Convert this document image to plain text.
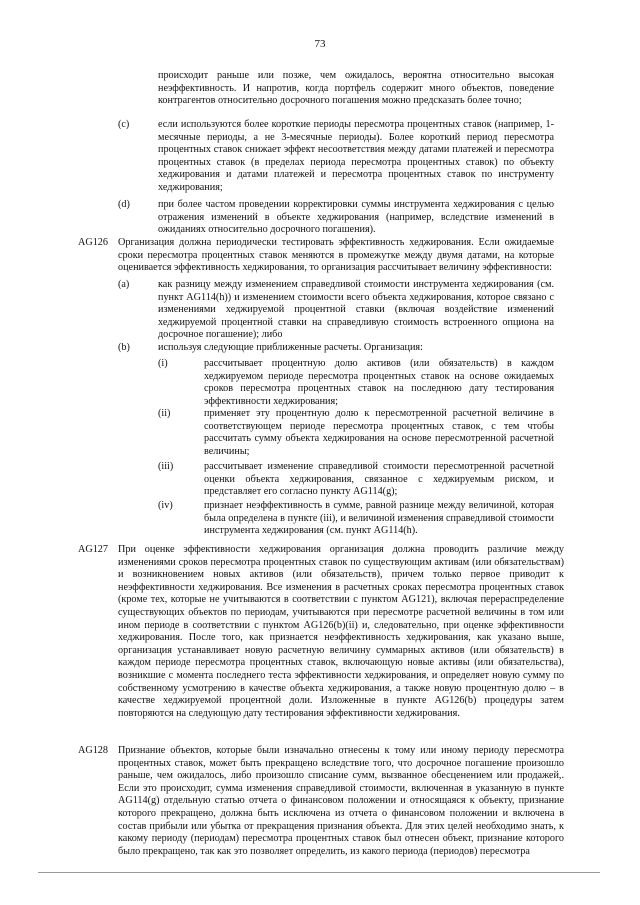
73

происходит раньше или позже, чем ожидалось, вероятна относительно высокая неэффективность. И напротив, когда портфель содержит много объектов, поведение контрагентов относительно досрочного погашения можно предсказать более точно;

(c)	если используются более короткие периоды пересмотра процентных ставок (например, 1-месячные периоды, а не 3-месячные периоды). Более короткий период пересмотра процентных ставок снижает эффект несоответствия между датами платежей и пересмотра процентных ставок (в пределах периода пересмотра процентных ставок) по объекту хеджирования и датами платежей и пересмотра процентных ставок по инструменту хеджирования;

(d)	при более частом проведении корректировки суммы инструмента хеджирования с целью отражения изменений в объекте хеджирования (например, вследствие изменений в ожиданиях относительно досрочного погашения).

AG126 Организация должна периодически тестировать эффективность хеджирования. Если ожидаемые сроки пересмотра процентных ставок меняются в промежутке между двумя датами, на которые оценивается эффективность хеджирования, то организация рассчитывает величину эффективности:

(a)	как разницу между изменением справедливой стоимости инструмента хеджирования (см. пункт AG114(h)) и изменением стоимости всего объекта хеджирования, которое связано с изменениями хеджируемой процентной ставки (включая воздействие изменений хеджируемой процентной ставки на справедливую стоимость встроенного опциона на досрочное погашение); либо

(b)	используя следующие приближенные расчеты. Организация:

(i)	рассчитывает процентную долю активов (или обязательств) в каждом хеджируемом периоде пересмотра процентных ставок на основе ожидаемых сроков пересмотра процентных ставок на последнюю дату тестирования эффективности хеджирования;

(ii)	применяет эту процентную долю к пересмотренной расчетной величине в соответствующем периоде пересмотра процентных ставок, с тем чтобы рассчитать сумму объекта хеджирования на основе пересмотренной расчетной величины;

(iii)	рассчитывает изменение справедливой стоимости пересмотренной расчетной оценки объекта хеджирования, связанное с хеджируемым риском, и представляет его согласно пункту AG114(g);

(iv)	признает неэффективность в сумме, равной разнице между величиной, которая была определена в пункте (iii), и величиной изменения справедливой стоимости инструмента хеджирования (см. пункт AG114(h).

AG127 При оценке эффективности хеджирования организация должна проводить различие между изменениями сроков пересмотра процентных ставок по существующим активам (или обязательствам) и возникновением новых активов (или обязательств), причем только первое приводит к неэффективности хеджирования. Все изменения в расчетных сроках пересмотра процентных ставок (кроме тех, которые не учитываются в соответствии с пунктом AG121), включая перераспределение существующих объектов по периодам, учитываются при пересмотре расчетной величины в том или ином периоде в соответствии с пунктом AG126(b)(ii) и, следовательно, при оценке эффективности хеджирования. После того, как признается неэффективность хеджирования, как указано выше, организация устанавливает новую расчетную величину суммарных активов (или обязательств) в каждом периоде пересмотра процентных ставок, включающую новые активы (или обязательства), возникшие с момента последнего теста эффективности хеджирования, и определяет новую сумму по собственному усмотрению в качестве объекта хеджирования, а также новую процентную долю – в качестве хеджируемой процентной доли. Изложенные в пункте AG126(b) процедуры затем повторяются на следующую дату тестирования эффективности хеджирования.

AG128 Признание объектов, которые были изначально отнесены к тому или иному периоду пересмотра процентных ставок, может быть прекращено вследствие того, что досрочное погашение произошло раньше, чем ожидалось, либо произошло списание сумм, вызванное обесценением или продажей,. Если это происходит, сумма изменения справедливой стоимости, включенная в указанную в пункте AG114(g) отдельную статью отчета о финансовом положении и относящаяся к объекту, признание которого прекращено, должна быть исключена из отчета о финансовом положении и включена в состав прибыли или убытка от прекращения признания объекта. Для этих целей необходимо знать, к какому периоду (периодам) пересмотра процентных ставок был отнесен объект, признание которого было прекращено, так как это позволяет определить, из какого периода (периодов) пересмотра
